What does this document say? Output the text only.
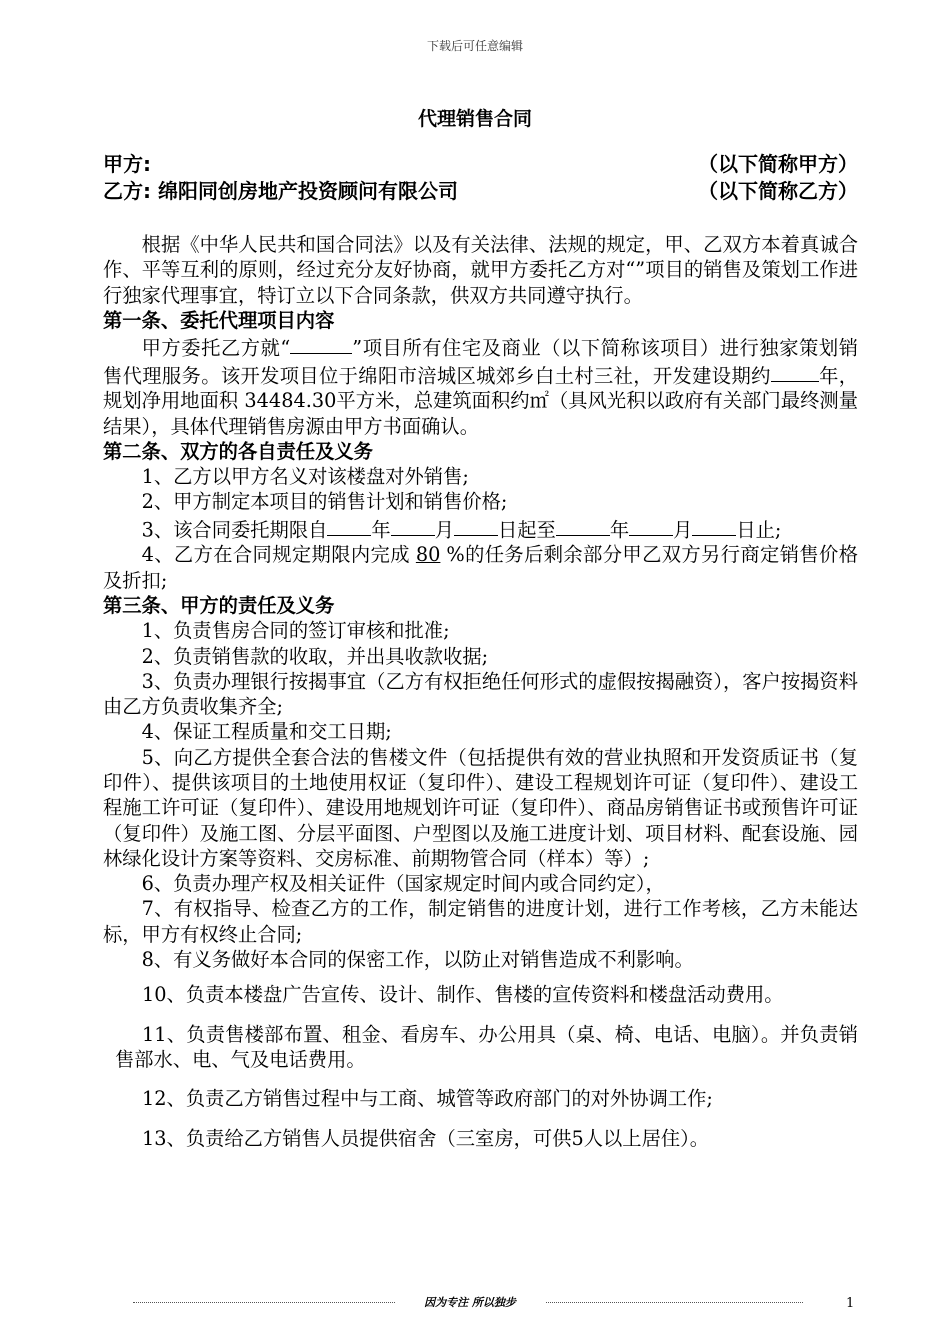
下载后可任意编辑
代理销售合同
甲方:	（以下简称甲方）
乙方: 绵阳同创房地产投资顾问有限公司	（以下简称乙方）

根据《中华人民共和国合同法》以及有关法律、法规的规定，甲、乙双方本着真诚合作、平等互利的原则，经过充分友好协商，就甲方委托乙方对“”项目的销售及策划工作进行独家代理事宜，特订立以下合同条款，供双方共同遵守执行。

第一条、委托代理项目内容

甲方委托乙方就“	”项目所有住宅及商业（以下简称该项目）进行独家策划销售代理服务。该开发项目位于绵阳市涪城区城郊乡白土村三社，开发建设期约 年，规划净用地面积 34484.30平方米，总建筑面积约㎡（具风光积以政府有关部门最终测量结果），具体代理销售房源由甲方书面确认。

第二条、双方的各自责任及义务

1、乙方以甲方名义对该楼盘对外销售;

2、甲方制定本项目的销售计划和销售价格;

3、该合同委托期限自 年 月 日起至	年 月 日止;

4、乙方在合同规定期限内完成 80 %的任务后剩余部分甲乙双方另行商定销售价格及折扣;

第三条、甲方的责任及义务

1、负责售房合同的签订审核和批准;

2、负责销售款的收取，并出具收款收据;

3、负责办理银行按揭事宜（乙方有权拒绝任何形式的虚假按揭融资），客户按揭资料由乙方负责收集齐全;

4、保证工程质量和交工日期;

5、向乙方提供全套合法的售楼文件（包括提供有效的营业执照和开发资质证书（复印件）、提供该项目的土地使用权证（复印件）、建设工程规划许可证（复印件）、建设工程施工许可证（复印件）、建设用地规划许可证（复印件）、商品房销售证书或预售许可证（复印件）及施工图、分层平面图、户型图以及施工进度计划、项目材料、配套设施、园林绿化设计方案等资料、交房标准、前期物管合同（样本）等）;

6、负责办理产权及相关证件（国家规定时间内或合同约定），

7、有权指导、检查乙方的工作，制定销售的进度计划，进行工作考核，乙方未能达标，甲方有权终止合同;

8、有义务做好本合同的保密工作，以防止对销售造成不利影响。

10、负责本楼盘广告宣传、设计、制作、售楼的宣传资料和楼盘活动费用。

11、负责售楼部布置、租金、看房车、办公用具（桌、椅、电话、电脑）。并负责销售部水、电、气及电话费用。

12、负责乙方销售过程中与工商、城管等政府部门的对外协调工作;

13、负责给乙方销售人员提供宿舍（三室房，可供5人以上居住）。

因为专注 所以独步	1
